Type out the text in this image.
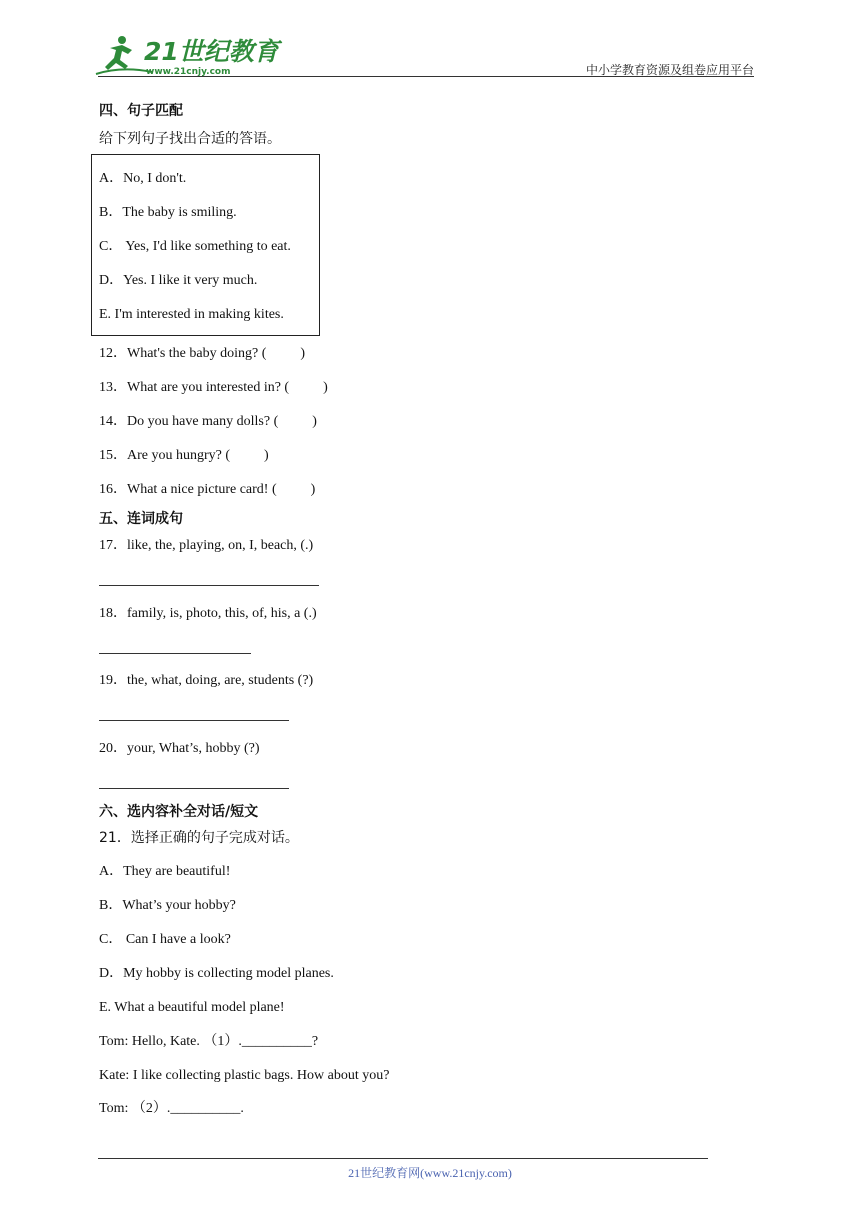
21世纪教育
www.21cnjy.com	中小学教育资源及组卷应用平台
四、句子匹配
给下列句子找出合适的答语。
A．No, I don't.
B．The baby is smiling.
C． Yes, I'd like something to eat.
D．Yes. I like it very much.
E. I'm interested in making kites.
12．What's the baby doing? ( )
13．What are you interested in? ( )
14．Do you have many dolls? ( )
15．Are you hungry? ( )
16．What a nice picture card! ( )
五、连词成句
17．like, the, playing, on, I, beach, (.)
18．family, is, photo, this, of, his, a (.)
19．the, what, doing, are, students (?)
20．your, What’s, hobby (?)
六、选内容补全对话/短文
21．选择正确的句子完成对话。
A．They are beautiful!
B．What’s your hobby?
C． Can I have a look?
D．My hobby is collecting model planes.
E. What a beautiful model plane!
Tom: Hello, Kate. （1）.__________?
Kate: I like collecting plastic bags. How about you?
Tom: （2）.__________.
21世纪教育网(www.21cnjy.com)
